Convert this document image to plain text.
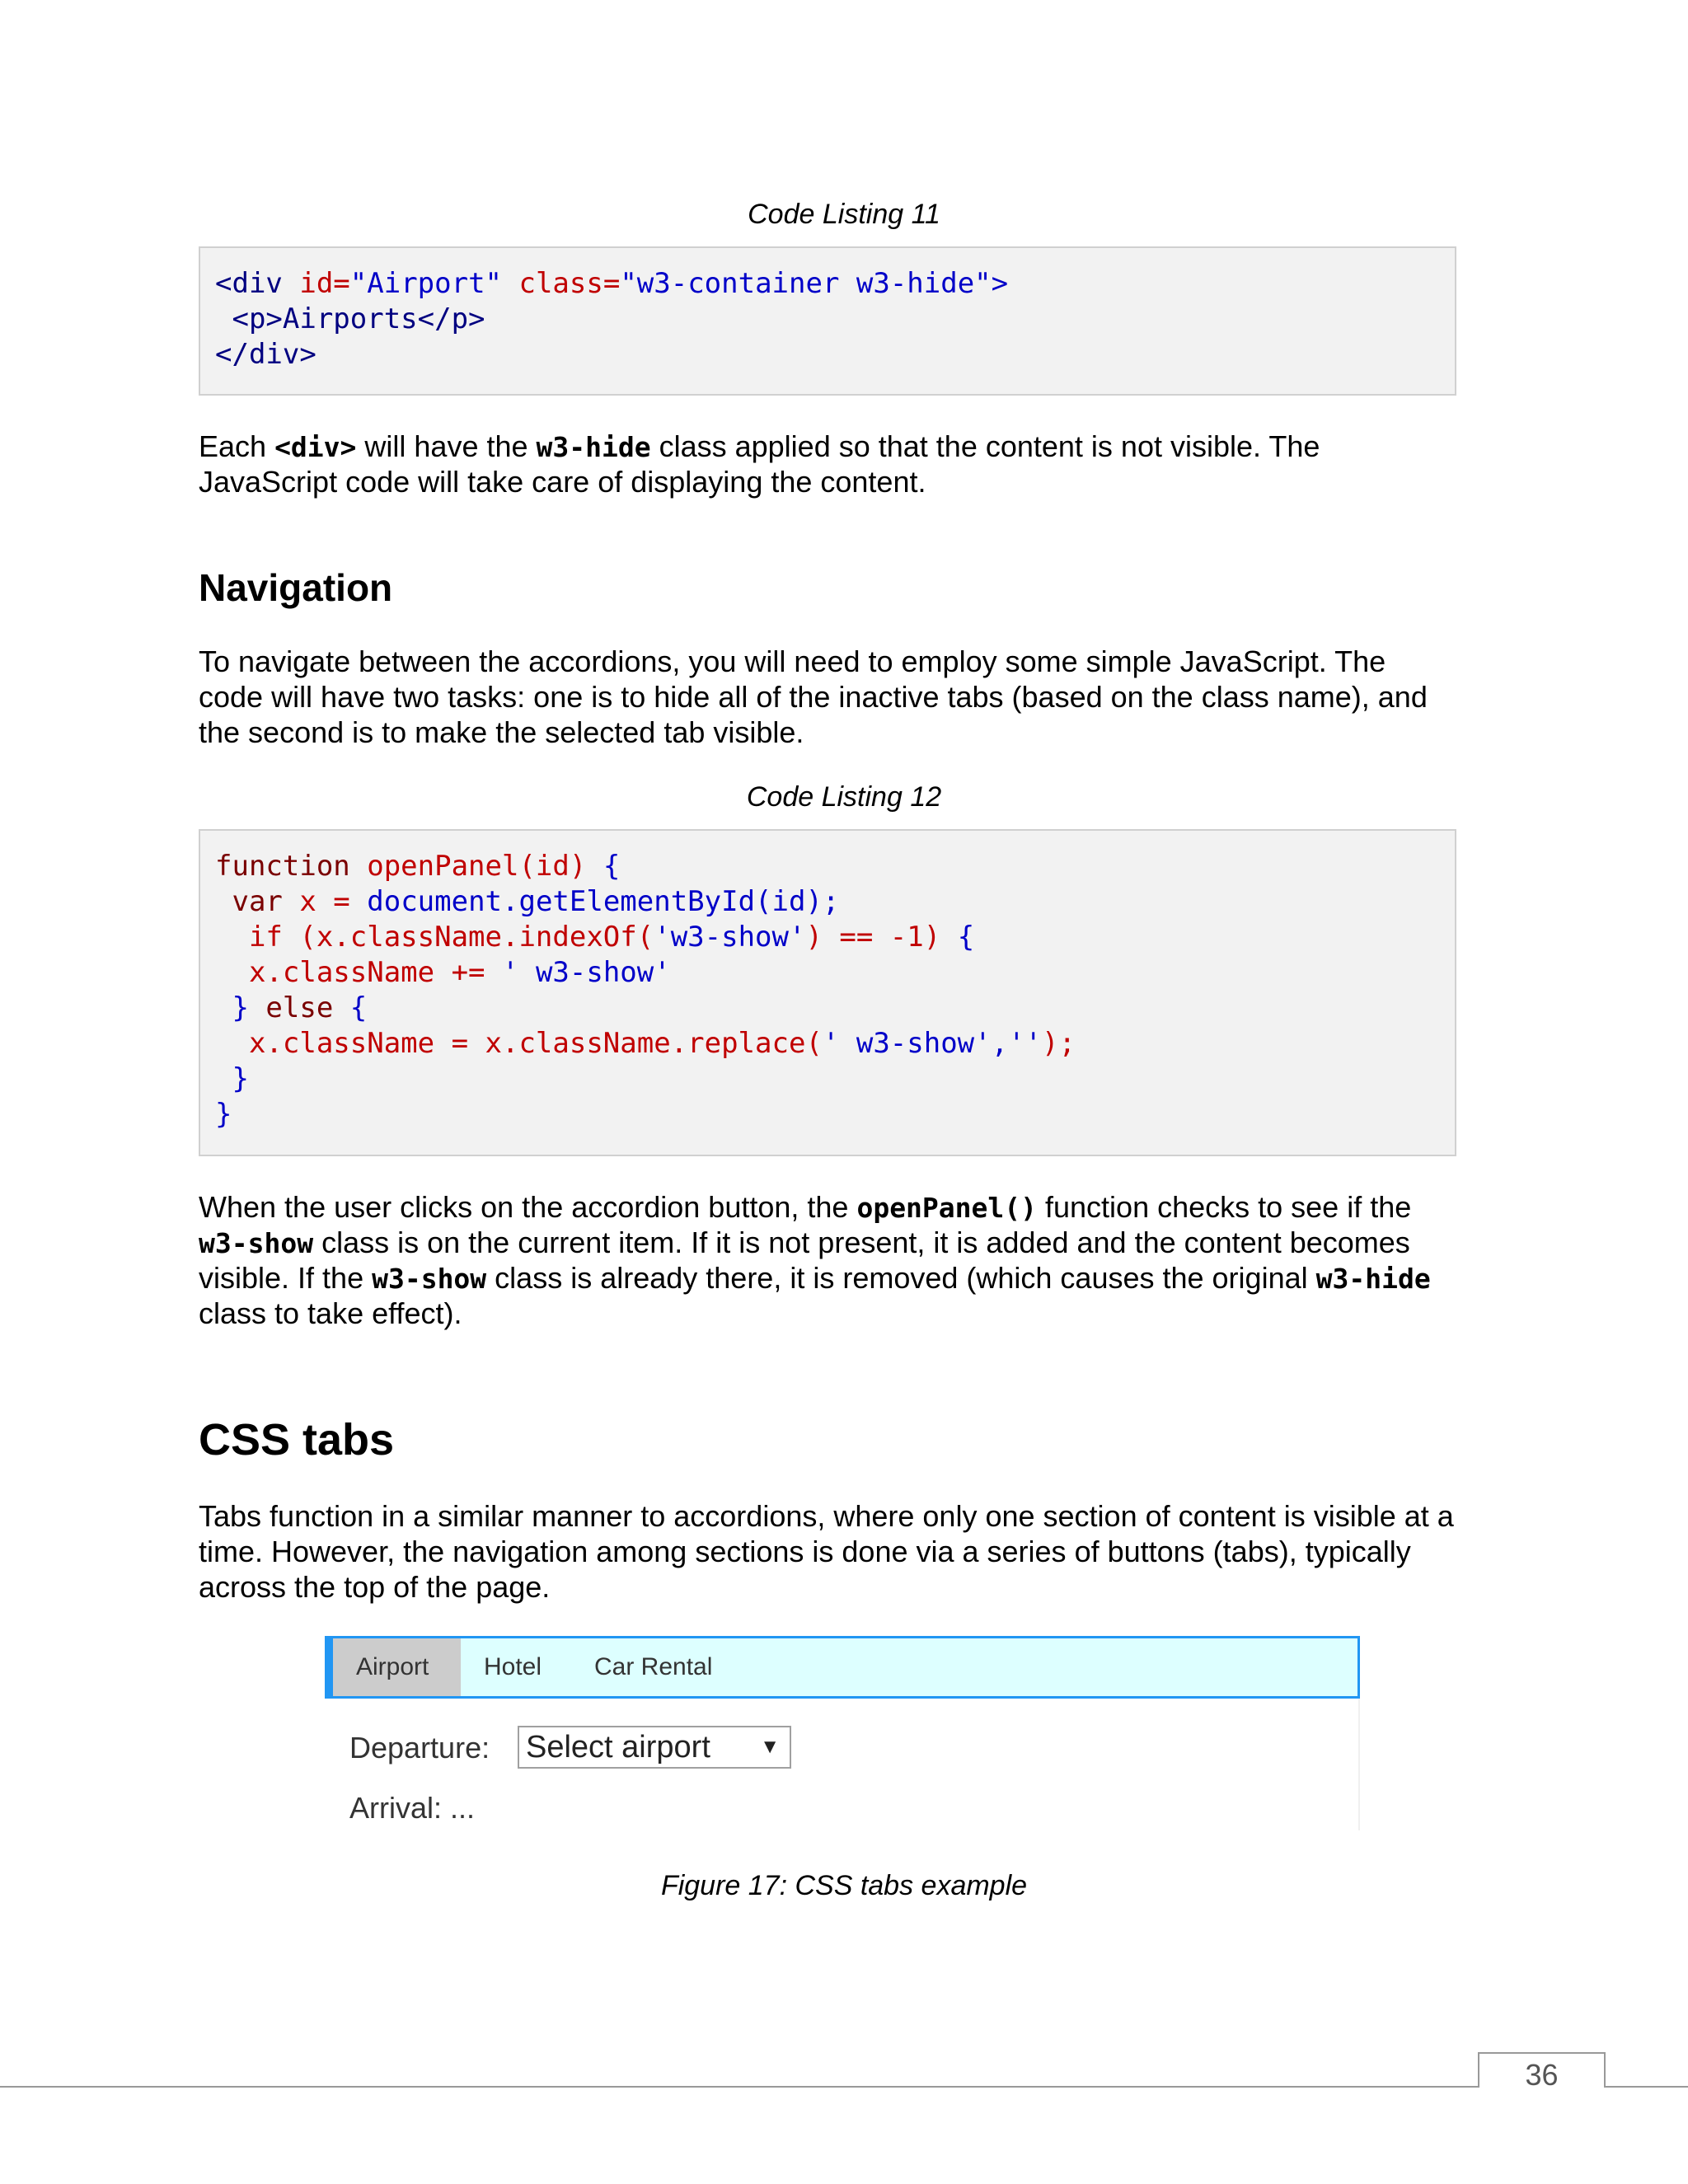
Code Listing 11
<div id="Airport" class="w3-container w3-hide">
<p>Airports</p>
</div>
Each <div> will have the w3-hide class applied so that the content is not visible. The
JavaScript code will take care of displaying the content.
Navigation
To navigate between the accordions, you will need to employ some simple JavaScript. The
code will have two tasks: one is to hide all of the inactive tabs (based on the class name), and
the second is to make the selected tab visible.
Code Listing 12
function openPanel(id) {
var x = document.getElementById(id);
if (x.className.indexOf('w3-show') == -1) {
x.className += ' w3-show'
} else {
x.className = x.className.replace(' w3-show','');
}
}
When the user clicks on the accordion button, the openPanel() function checks to see if the
w3-show class is on the current item. If it is not present, it is added and the content becomes
visible. If the w3-show class is already there, it is removed (which causes the original w3-hide
class to take effect).
CSS tabs
Tabs function in a similar manner to accordions, where only one section of content is visible at a
time. However, the navigation among sections is done via a series of buttons (tabs), typically
across the top of the page.
Airport	Hotel	Car Rental
Departure: Select airport	▼
Arrival: ...
Figure 17: CSS tabs example
36
